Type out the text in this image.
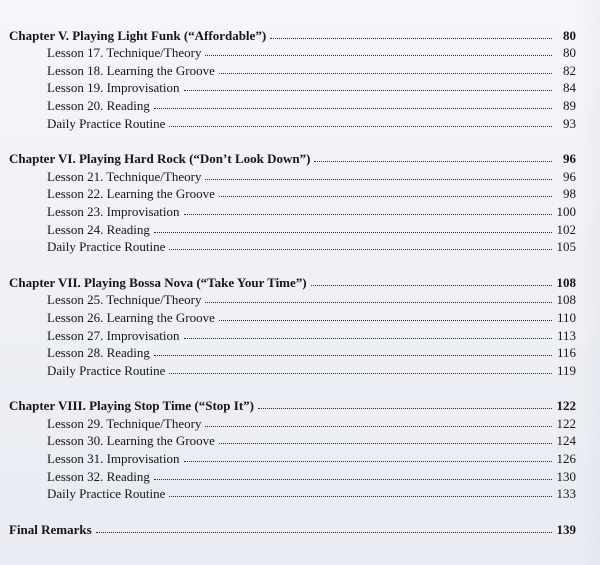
Chapter V. Playing Light Funk (“Affordable”)	80
Lesson 17. Technique/Theory	80
Lesson 18. Learning the Groove	82
Lesson 19. Improvisation	84
Lesson 20. Reading	89
Daily Practice Routine	93
Chapter VI. Playing Hard Rock (“Don’t Look Down”)	96
Lesson 21. Technique/Theory	96
Lesson 22. Learning the Groove	98
Lesson 23. Improvisation	100
Lesson 24. Reading	102
Daily Practice Routine	105
Chapter VII. Playing Bossa Nova (“Take Your Time”)	108
Lesson 25. Technique/Theory	108
Lesson 26. Learning the Groove	110
Lesson 27. Improvisation	113
Lesson 28. Reading	116
Daily Practice Routine	119
Chapter VIII. Playing Stop Time (“Stop It”)	122
Lesson 29. Technique/Theory	122
Lesson 30. Learning the Groove	124
Lesson 31. Improvisation	126
Lesson 32. Reading	130
Daily Practice Routine	133
Final Remarks	139
